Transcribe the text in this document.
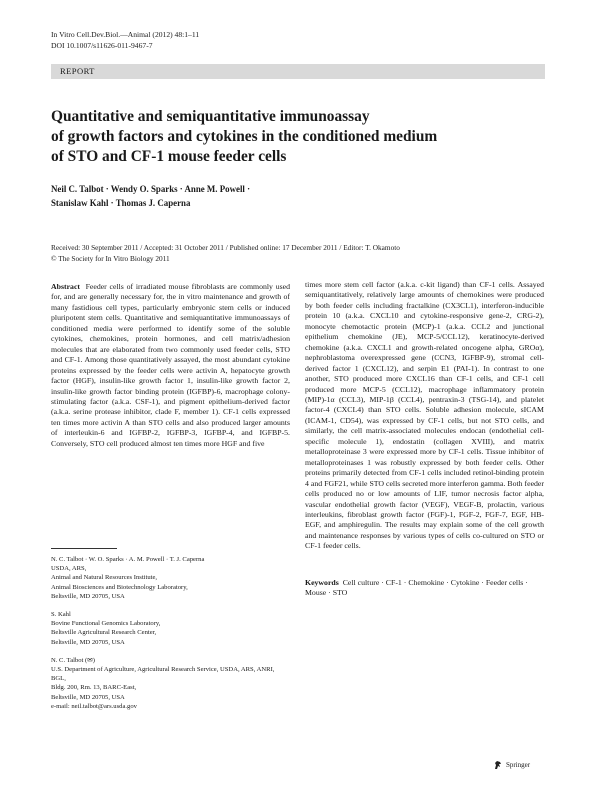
In Vitro Cell.Dev.Biol.—Animal (2012) 48:1–11
DOI 10.1007/s11626-011-9467-7
REPORT
Quantitative and semiquantitative immunoassay
of growth factors and cytokines in the conditioned medium
of STO and CF-1 mouse feeder cells
Neil C. Talbot · Wendy O. Sparks · Anne M. Powell ·
Stanislaw Kahl · Thomas J. Caperna
Received: 30 September 2011 / Accepted: 31 October 2011 / Published online: 17 December 2011 / Editor: T. Okamoto
© The Society for In Vitro Biology 2011

Abstract Feeder cells of irradiated mouse fibroblasts are commonly used for, and are generally necessary for, the in vitro maintenance and growth of many fastidious cell types, particularly embryonic stem cells or induced pluripotent stem cells. Quantitative and semiquantitative immunoassays of conditioned media were performed to identify some of the soluble cytokines, chemokines, protein hormones, and cell matrix/adhesion molecules that are elaborated from two commonly used feeder cells, STO and CF-1. Among those quantitatively assayed, the most abundant cytokine proteins expressed by the feeder cells were activin A, hepatocyte growth factor (HGF), insulin-like growth factor 1, insulin-like growth factor 2, insulin-like growth factor binding protein (IGFBP)-6, macrophage colony-stimulating factor (a.k.a. CSF-1), and pigment epithelium-derived factor (a.k.a. serine protease inhibitor, clade F, member 1). CF-1 cells expressed ten times more activin A than STO cells and also produced larger amounts of interleukin-6 and IGFBP-2, IGFBP-3, IGFBP-4, and IGFBP-5. Conversely, STO cell produced almost ten times more HGF and five

times more stem cell factor (a.k.a. c-kit ligand) than CF-1 cells. Assayed semiquantitatively, relatively large amounts of chemokines were produced by both feeder cells including fractalkine (CX3CL1), interferon-inducible protein 10 (a.k.a. CXCL10 and cytokine-responsive gene-2, CRG-2), monocyte chemotactic protein (MCP)-1 (a.k.a. CCL2 and junctional epithelium chemokine (JE), MCP-5/CCL12), keratinocyte-derived chemokine (a.k.a. CXCL1 and growth-related oncogene alpha, GROα), nephroblastoma overexpressed gene (CCN3, IGFBP-9), stromal cell-derived factor 1 (CXCL12), and serpin E1 (PAI-1). In contrast to one another, STO produced more CXCL16 than CF-1 cells, and CF-1 cell produced more MCP-5 (CCL12), macrophage inflammatory protein (MIP)-1α (CCL3), MIP-1β (CCL4), pentraxin-3 (TSG-14), and platelet factor-4 (CXCL4) than STO cells. Soluble adhesion molecule, sICAM (ICAM-1, CD54), was expressed by CF-1 cells, but not STO cells, and similarly, the cell matrix-associated molecules endocan (endothelial cell-specific molecule 1), endostatin (collagen XVIII), and matrix metalloproteinase 3 were expressed more by CF-1 cells. Tissue inhibitor of metalloproteinases 1 was robustly expressed by both feeder cells. Other proteins primarily detected from CF-1 cells included retinol-binding protein 4 and FGF21, while STO cells secreted more interferon gamma. Both feeder cells produced no or low amounts of LIF, tumor necrosis factor alpha, vascular endothelial growth factor (VEGF), VEGF-B, prolactin, various interleukins, fibroblast growth factor (FGF)-1, FGF-2, FGF-7, EGF, HB-EGF, and amphiregulin. The results may explain some of the cell growth and maintenance responses by various types of cells co-cultured on STO or CF-1 feeder cells.

N. C. Talbot · W. O. Sparks · A. M. Powell · T. J. Caperna
USDA, ARS,
Animal and Natural Resources Institute,
Animal Biosciences and Biotechnology Laboratory,
Beltsville, MD 20705, USA
S. Kahl
Bovine Functional Genomics Laboratory,
Beltsville Agricultural Research Center,
Beltsville, MD 20705, USA
N. C. Talbot (✉)
U.S. Department of Agriculture, Agricultural Research Service, USDA, ARS, ANRI, BGL,
Bldg. 200, Rm. 13, BARC-East,
Beltsville, MD 20705, USA
e-mail: neil.talbot@ars.usda.gov
Keywords Cell culture · CF-1 · Chemokine · Cytokine · Feeder cells · Mouse · STO
Springer
